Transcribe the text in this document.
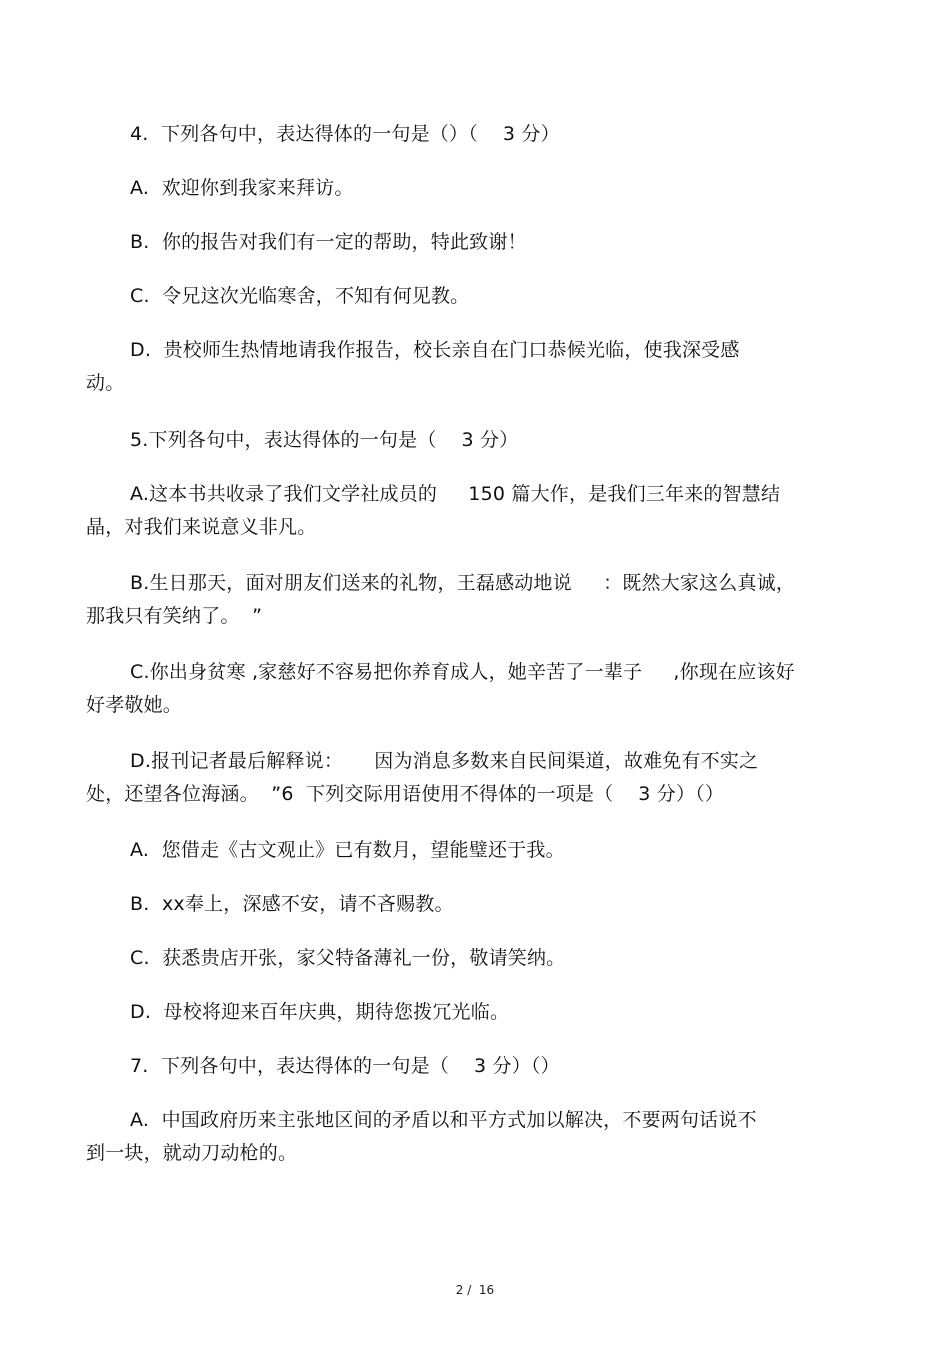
4.  下列各句中，表达得体的一句是（）（    3 分）
A.  欢迎你到我家来拜访。
B.  你的报告对我们有一定的帮助，特此致谢！
C.  令兄这次光临寒舍，不知有何见教。
D.  贵校师生热情地请我作报告，校长亲自在门口恭候光临，使我深受感
动。
5.下列各句中，表达得体的一句是（    3 分）
A.这本书共收录了我们文学社成员的     150 篇大作，是我们三年来的智慧结
晶，对我们来说意义非凡。
B.生日那天，面对朋友们送来的礼物，王磊感动地说     ：既然大家这么真诚，
那我只有笑纳了。  ”
C.你出身贫寒 ,家慈好不容易把你养育成人，她辛苦了一辈子     ,你现在应该好
好孝敬她。
D.报刊记者最后解释说：     因为消息多数来自民间渠道，故难免有不实之
处，还望各位海涵。  ”6  下列交际用语使用不得体的一项是（    3 分）（）
A.  您借走《古文观止》已有数月，望能璧还于我。
B.  xx奉上，深感不安，请不吝赐教。
C.  获悉贵店开张，家父特备薄礼一份，敬请笑纳。
D.  母校将迎来百年庆典，期待您拨冗光临。
7.  下列各句中，表达得体的一句是（    3 分）（）
A.  中国政府历来主张地区间的矛盾以和平方式加以解决，不要两句话说不
到一块，就动刀动枪的。
2 /  16
